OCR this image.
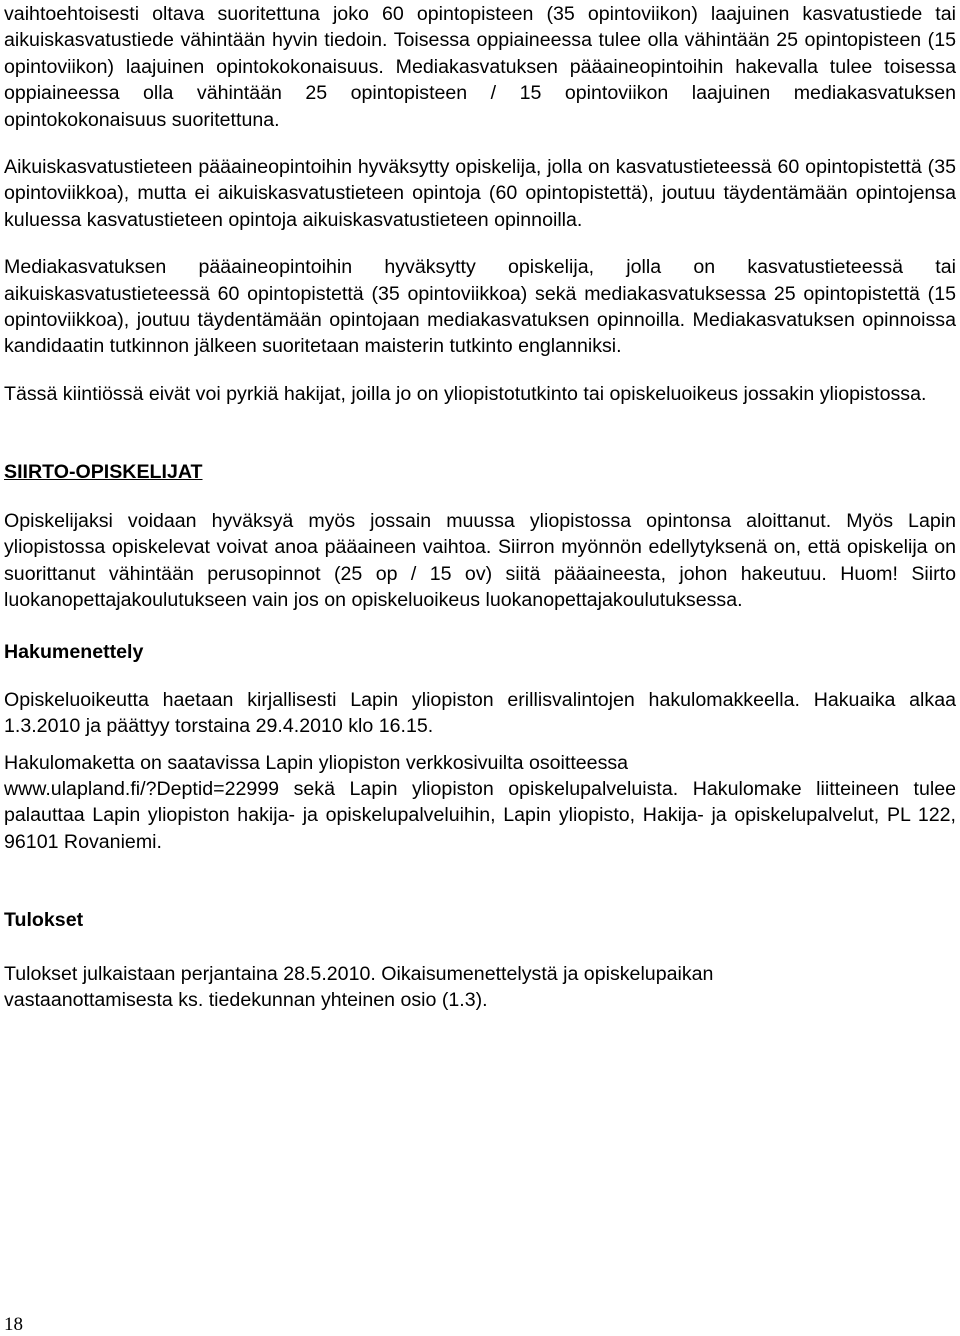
vaihtoehtoisesti oltava suoritettuna joko 60 opintopisteen (35 opintoviikon) laajuinen kasvatustiede tai aikuiskasvatustiede vähintään hyvin tiedoin. Toisessa oppiaineessa tulee olla vähintään 25 opintopisteen (15 opintoviikon) laajuinen opintokokonaisuus. Mediakasvatuksen pääaineopintoihin hakevalla tulee toisessa oppiaineessa olla vähintään 25 opintopisteen / 15 opintoviikon laajuinen mediakasvatuksen opintokokonaisuus suoritettuna.

Aikuiskasvatustieteen pääaineopintoihin hyväksytty opiskelija, jolla on kasvatustieteessä 60 opintopistettä (35 opintoviikkoa), mutta ei aikuiskasvatustieteen opintoja (60 opintopistettä), joutuu täydentämään opintojensa kuluessa kasvatustieteen opintoja aikuiskasvatustieteen opinnoilla.

Mediakasvatuksen pääaineopintoihin hyväksytty opiskelija, jolla on kasvatustieteessä tai aikuiskasvatustieteessä 60 opintopistettä (35 opintoviikkoa) sekä mediakasvatuksessa 25 opintopistettä (15 opintoviikkoa), joutuu täydentämään opintojaan mediakasvatuksen opinnoilla. Mediakasvatuksen opinnoissa kandidaatin tutkinnon jälkeen suoritetaan maisterin tutkinto englanniksi.

Tässä kiintiössä eivät voi pyrkiä hakijat, joilla jo on yliopistotutkinto tai opiskeluoikeus jossakin yliopistossa.

SIIRTO-OPISKELIJAT

Opiskelijaksi voidaan hyväksyä myös jossain muussa yliopistossa opintonsa aloittanut. Myös Lapin yliopistossa opiskelevat voivat anoa pääaineen vaihtoa. Siirron myönnön edellytyksenä on, että opiskelija on suorittanut vähintään perusopinnot (25 op / 15 ov) siitä pääaineesta, johon hakeutuu. Huom! Siirto luokanopettajakoulutukseen vain jos on opiskeluoikeus luokanopettajakoulutuksessa.

Hakumenettely

Opiskeluoikeutta haetaan kirjallisesti Lapin yliopiston erillisvalintojen hakulomakkeella. Hakuaika alkaa 1.3.2010 ja päättyy torstaina 29.4.2010 klo 16.15.

Hakulomaketta on saatavissa Lapin yliopiston verkkosivuilta osoitteessa

www.ulapland.fi/?Deptid=22999 sekä Lapin yliopiston opiskelupalveluista. Hakulomake liitteineen tulee palauttaa Lapin yliopiston hakija- ja opiskelupalveluihin, Lapin yliopisto, Hakija- ja opiskelupalvelut, PL 122, 96101 Rovaniemi.

Tulokset

Tulokset julkaistaan perjantaina 28.5.2010. Oikaisumenettelystä ja opiskelupaikan

vastaanottamisesta ks. tiedekunnan yhteinen osio (1.3).

18
